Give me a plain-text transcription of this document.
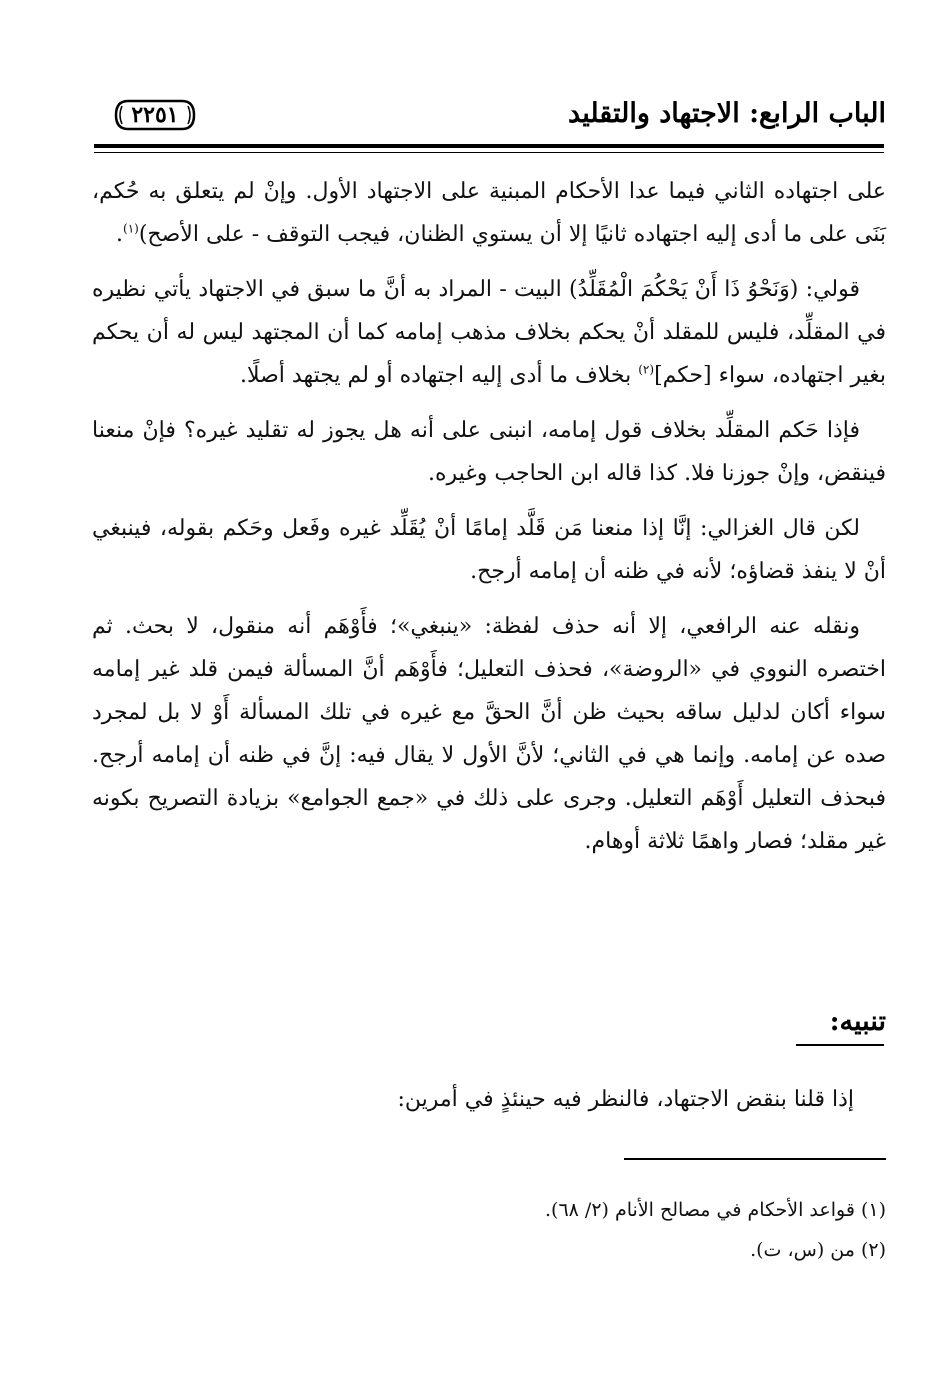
الباب الرابع: الاجتهاد والتقليد
٢٢٥١

على اجتهاده الثاني فيما عدا الأحكام المبنية على الاجتهاد الأول. وإنْ لم يتعلق به حُكم، بَنَى على ما أدى إليه اجتهاده ثانيًا إلا أن يستوي الظنان، فيجب التوقف - على الأصح)$^{(١)}$.

قولي: (وَنَحْوُ ذَا أَنْ يَحْكُمَ الْمُقَلِّدُ) البيت - المراد به أنَّ ما سبق في الاجتهاد يأتي نظيره في المقلِّد، فليس للمقلد أنْ يحكم بخلاف مذهب إمامه كما أن المجتهد ليس له أن يحكم بغير اجتهاده، سواء [حكم]$^{(٢)}$ بخلاف ما أدى إليه اجتهاده أو لم يجتهد أصلًا.

فإذا حَكم المقلِّد بخلاف قول إمامه، انبنى على أنه هل يجوز له تقليد غيره؟ فإنْ منعنا فينقض، وإنْ جوزنا فلا. كذا قاله ابن الحاجب وغيره.

لكن قال الغزالي: إنَّا إذا منعنا مَن قَلَّد إمامًا أنْ يُقَلِّد غيره وفَعل وحَكم بقوله، فينبغي أنْ لا ينفذ قضاؤه؛ لأنه في ظنه أن إمامه أرجح.

ونقله عنه الرافعي، إلا أنه حذف لفظة: «ينبغي»؛ فأَوْهَم أنه منقول، لا بحث. ثم اختصره النووي في «الروضة»، فحذف التعليل؛ فأَوْهَم أنَّ المسألة فيمن قلد غير إمامه سواء أكان لدليل ساقه بحيث ظن أنَّ الحقَّ مع غيره في تلك المسألة أَوْ لا بل لمجرد صده عن إمامه. وإنما هي في الثاني؛ لأنَّ الأول لا يقال فيه: إنَّ في ظنه أن إمامه أرجح. فبحذف التعليل أَوْهَم التعليل. وجرى على ذلك في «جمع الجوامع» بزيادة التصريح بكونه غير مقلد؛ فصار واهمًا ثلاثة أوهام.

تنبيه:
إذا قلنا بنقض الاجتهاد، فالنظر فيه حينئذٍ في أمرين:

(١) قواعد الأحكام في مصالح الأنام (٢/ ٦٨).

(٢) من (س، ت).
